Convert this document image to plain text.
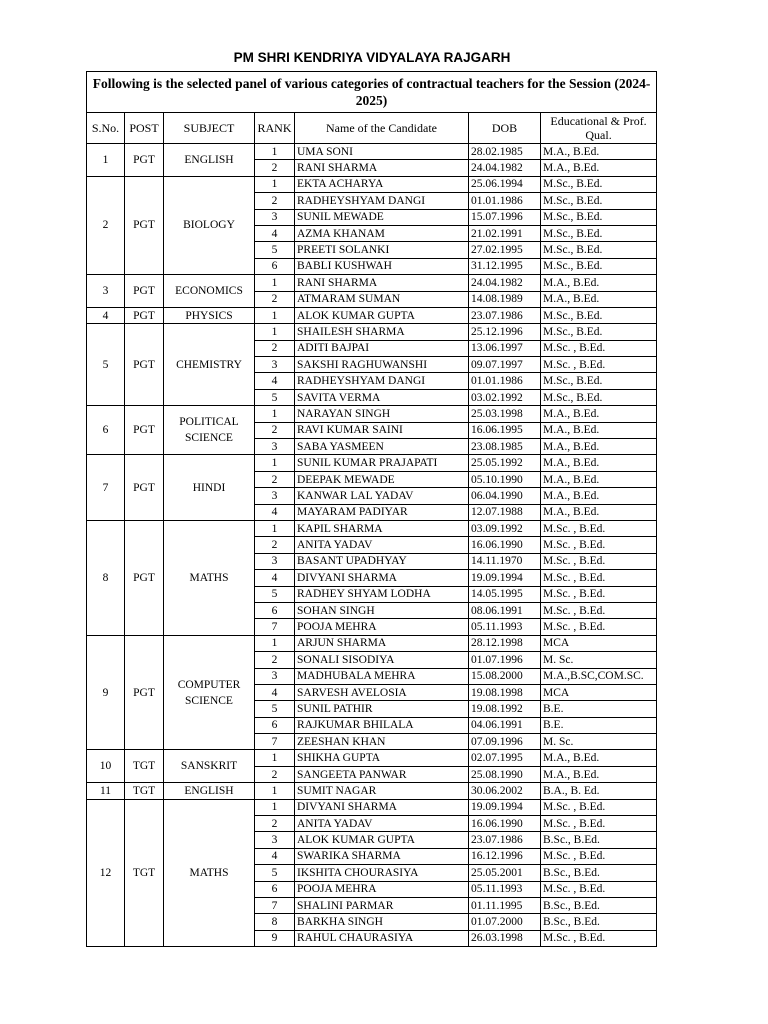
PM SHRI KENDRIYA VIDYALAYA RAJGARH
Following is the selected panel of various categories of contractual teachers for the Session (2024-2025)						
S.No.	POST	SUBJECT	RANK	Name of the Candidate	DOB	Educational & Prof. Qual.
1	PGT	ENGLISH	1	UMA SONI	28.02.1985	M.A., B.Ed.
			2	RANI SHARMA	24.04.1982	M.A., B.Ed.
2	PGT	BIOLOGY	1	EKTA ACHARYA	25.06.1994	M.Sc., B.Ed.
			2	RADHEYSHYAM DANGI	01.01.1986	M.Sc., B.Ed.
			3	SUNIL MEWADE	15.07.1996	M.Sc., B.Ed.
			4	AZMA KHANAM	21.02.1991	M.Sc., B.Ed.
			5	PREETI SOLANKI	27.02.1995	M.Sc., B.Ed.
			6	BABLI KUSHWAH	31.12.1995	M.Sc., B.Ed.
3	PGT	ECONOMICS	1	RANI SHARMA	24.04.1982	M.A., B.Ed.
			2	ATMARAM SUMAN	14.08.1989	M.A., B.Ed.
4	PGT	PHYSICS	1	ALOK KUMAR GUPTA	23.07.1986	M.Sc., B.Ed.
5	PGT	CHEMISTRY	1	SHAILESH SHARMA	25.12.1996	M.Sc., B.Ed.
			2	ADITI BAJPAI	13.06.1997	M.Sc. , B.Ed.
			3	SAKSHI RAGHUWANSHI	09.07.1997	M.Sc. , B.Ed.
			4	RADHEYSHYAM DANGI	01.01.1986	M.Sc., B.Ed.
			5	SAVITA VERMA	03.02.1992	M.Sc., B.Ed.
6	PGT	POLITICAL SCIENCE	1	NARAYAN SINGH	25.03.1998	M.A., B.Ed.
			2	RAVI KUMAR SAINI	16.06.1995	M.A., B.Ed.
			3	SABA YASMEEN	23.08.1985	M.A., B.Ed.
7	PGT	HINDI	1	SUNIL KUMAR PRAJAPATI	25.05.1992	M.A., B.Ed.
			2	DEEPAK MEWADE	05.10.1990	M.A., B.Ed.
			3	KANWAR LAL YADAV	06.04.1990	M.A., B.Ed.
			4	MAYARAM PADIYAR	12.07.1988	M.A., B.Ed.
8	PGT	MATHS	1	KAPIL SHARMA	03.09.1992	M.Sc. , B.Ed.
			2	ANITA YADAV	16.06.1990	M.Sc. , B.Ed.
			3	BASANT UPADHYAY	14.11.1970	M.Sc. , B.Ed.
			4	DIVYANI SHARMA	19.09.1994	M.Sc. , B.Ed.
			5	RADHEY SHYAM LODHA	14.05.1995	M.Sc. , B.Ed.
			6	SOHAN SINGH	08.06.1991	M.Sc. , B.Ed.
			7	POOJA MEHRA	05.11.1993	M.Sc. , B.Ed.
9	PGT	COMPUTER SCIENCE	1	ARJUN SHARMA	28.12.1998	MCA
			2	SONALI SISODIYA	01.07.1996	M. Sc.
			3	MADHUBALA MEHRA	15.08.2000	M.A.,B.SC,COM.SC.
			4	SARVESH AVELOSIA	19.08.1998	MCA
			5	SUNIL PATHIR	19.08.1992	B.E.
			6	RAJKUMAR BHILALA	04.06.1991	B.E.
			7	ZEESHAN KHAN	07.09.1996	M. Sc.
10	TGT	SANSKRIT	1	SHIKHA GUPTA	02.07.1995	M.A., B.Ed.
			2	SANGEETA PANWAR	25.08.1990	M.A., B.Ed.
11	TGT	ENGLISH	1	SUMIT NAGAR	30.06.2002	B.A., B. Ed.
12	TGT	MATHS	1	DIVYANI SHARMA	19.09.1994	M.Sc. , B.Ed.
			2	ANITA YADAV	16.06.1990	M.Sc. , B.Ed.
			3	ALOK KUMAR GUPTA	23.07.1986	B.Sc., B.Ed.
			4	SWARIKA SHARMA	16.12.1996	M.Sc. , B.Ed.
			5	IKSHITA CHOURASIYA	25.05.2001	B.Sc., B.Ed.
			6	POOJA MEHRA	05.11.1993	M.Sc. , B.Ed.
			7	SHALINI PARMAR	01.11.1995	B.Sc., B.Ed.
			8	BARKHA SINGH	01.07.2000	B.Sc., B.Ed.
			9	RAHUL CHAURASIYA	26.03.1998	M.Sc. , B.Ed.
